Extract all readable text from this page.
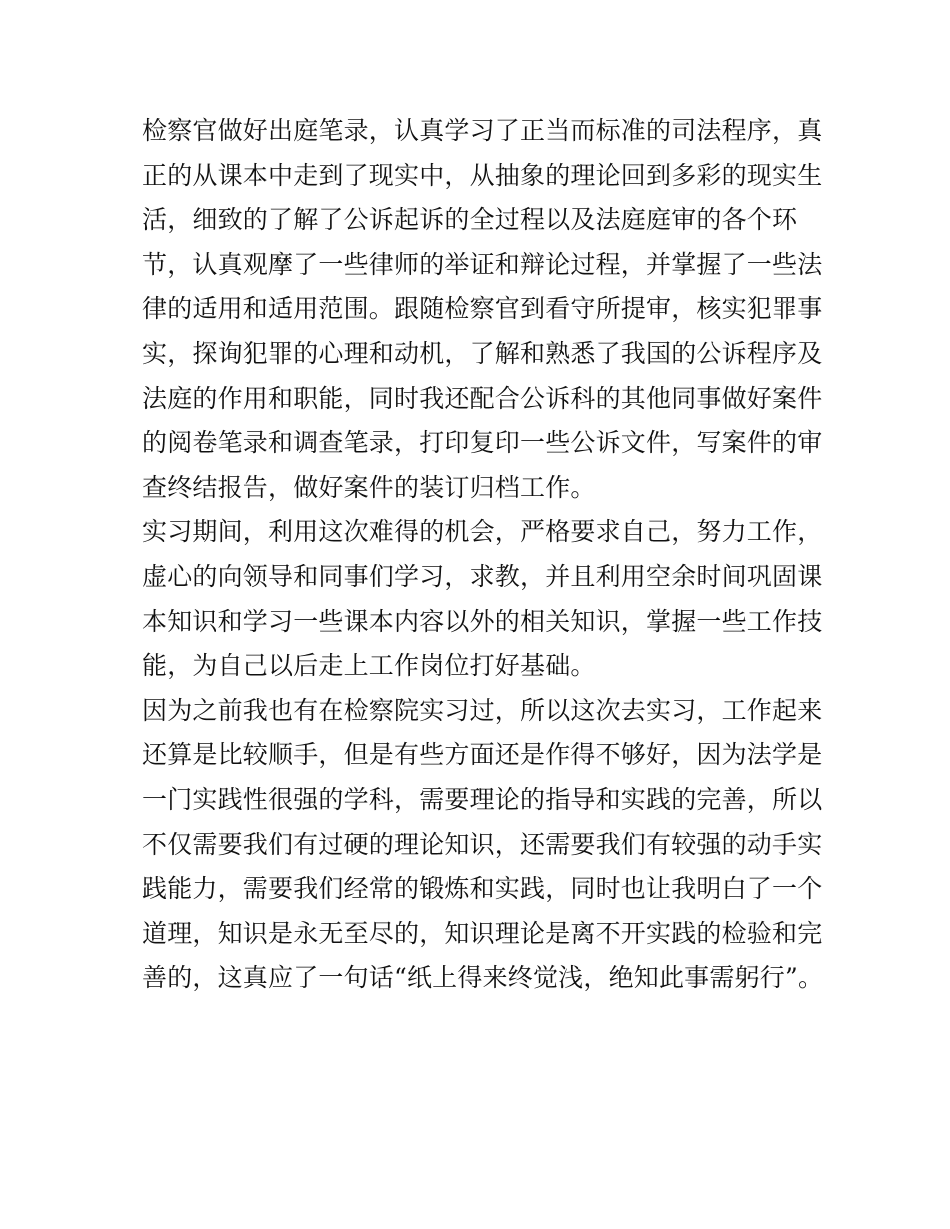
检察官做好出庭笔录，认真学习了正当而标准的司法程序，真
正的从课本中走到了现实中，从抽象的理论回到多彩的现实生
活，细致的了解了公诉起诉的全过程以及法庭庭审的各个环
节，认真观摩了一些律师的举证和辩论过程，并掌握了一些法
律的适用和适用范围。跟随检察官到看守所提审，核实犯罪事
实，探询犯罪的心理和动机，了解和熟悉了我国的公诉程序及
法庭的作用和职能，同时我还配合公诉科的其他同事做好案件
的阅卷笔录和调查笔录，打印复印一些公诉文件，写案件的审
查终结报告，做好案件的装订归档工作。
实习期间，利用这次难得的机会，严格要求自己，努力工作，
虚心的向领导和同事们学习，求教，并且利用空余时间巩固课
本知识和学习一些课本内容以外的相关知识，掌握一些工作技
能，为自己以后走上工作岗位打好基础。
因为之前我也有在检察院实习过，所以这次去实习，工作起来
还算是比较顺手，但是有些方面还是作得不够好，因为法学是
一门实践性很强的学科，需要理论的指导和实践的完善，所以
不仅需要我们有过硬的理论知识，还需要我们有较强的动手实
践能力，需要我们经常的锻炼和实践，同时也让我明白了一个
道理，知识是永无至尽的，知识理论是离不开实践的检验和完
善的，这真应了一句话“纸上得来终觉浅，绝知此事需躬行”。
